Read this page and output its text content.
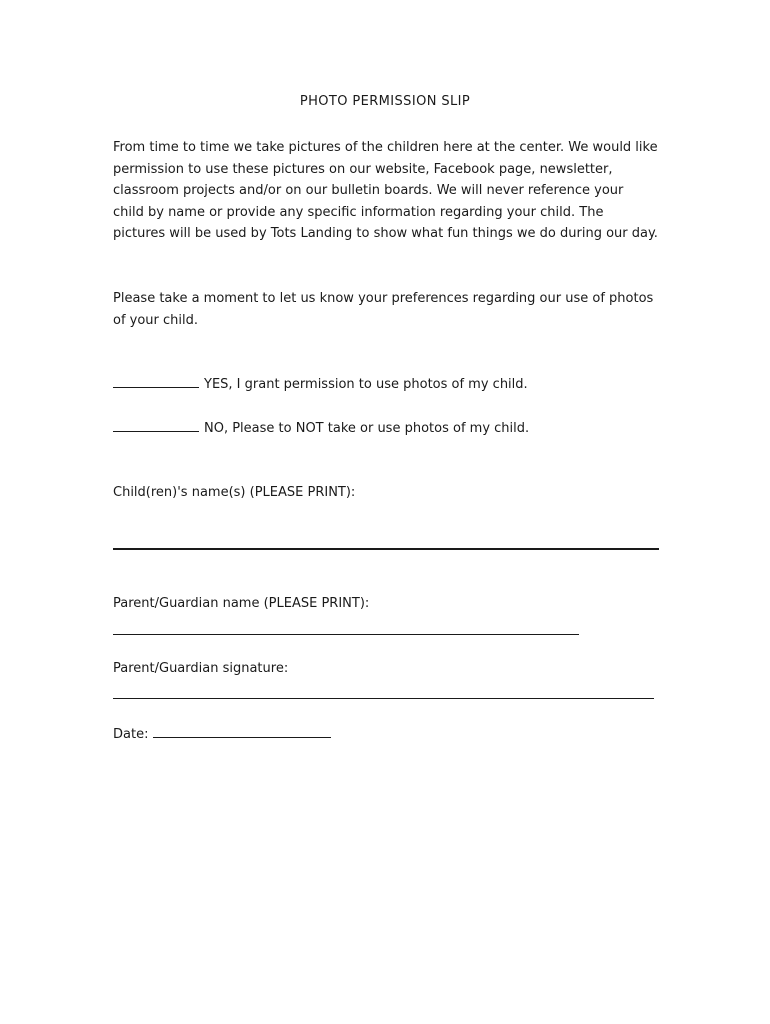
PHOTO PERMISSION SLIP

From time to time we take pictures of the children here at the center. We would like permission to use these pictures on our website, Facebook page, newsletter, classroom projects and/or on our bulletin boards. We will never reference your child by name or provide any specific information regarding your child. The pictures will be used by Tots Landing to show what fun things we do during our day.

Please take a moment to let us know your preferences regarding our use of photos of your child.

YES, I grant permission to use photos of my child.
NO, Please to NOT take or use photos of my child.
Child(ren)'s name(s) (PLEASE PRINT):
Parent/Guardian name (PLEASE PRINT):
Parent/Guardian signature:
Date:
